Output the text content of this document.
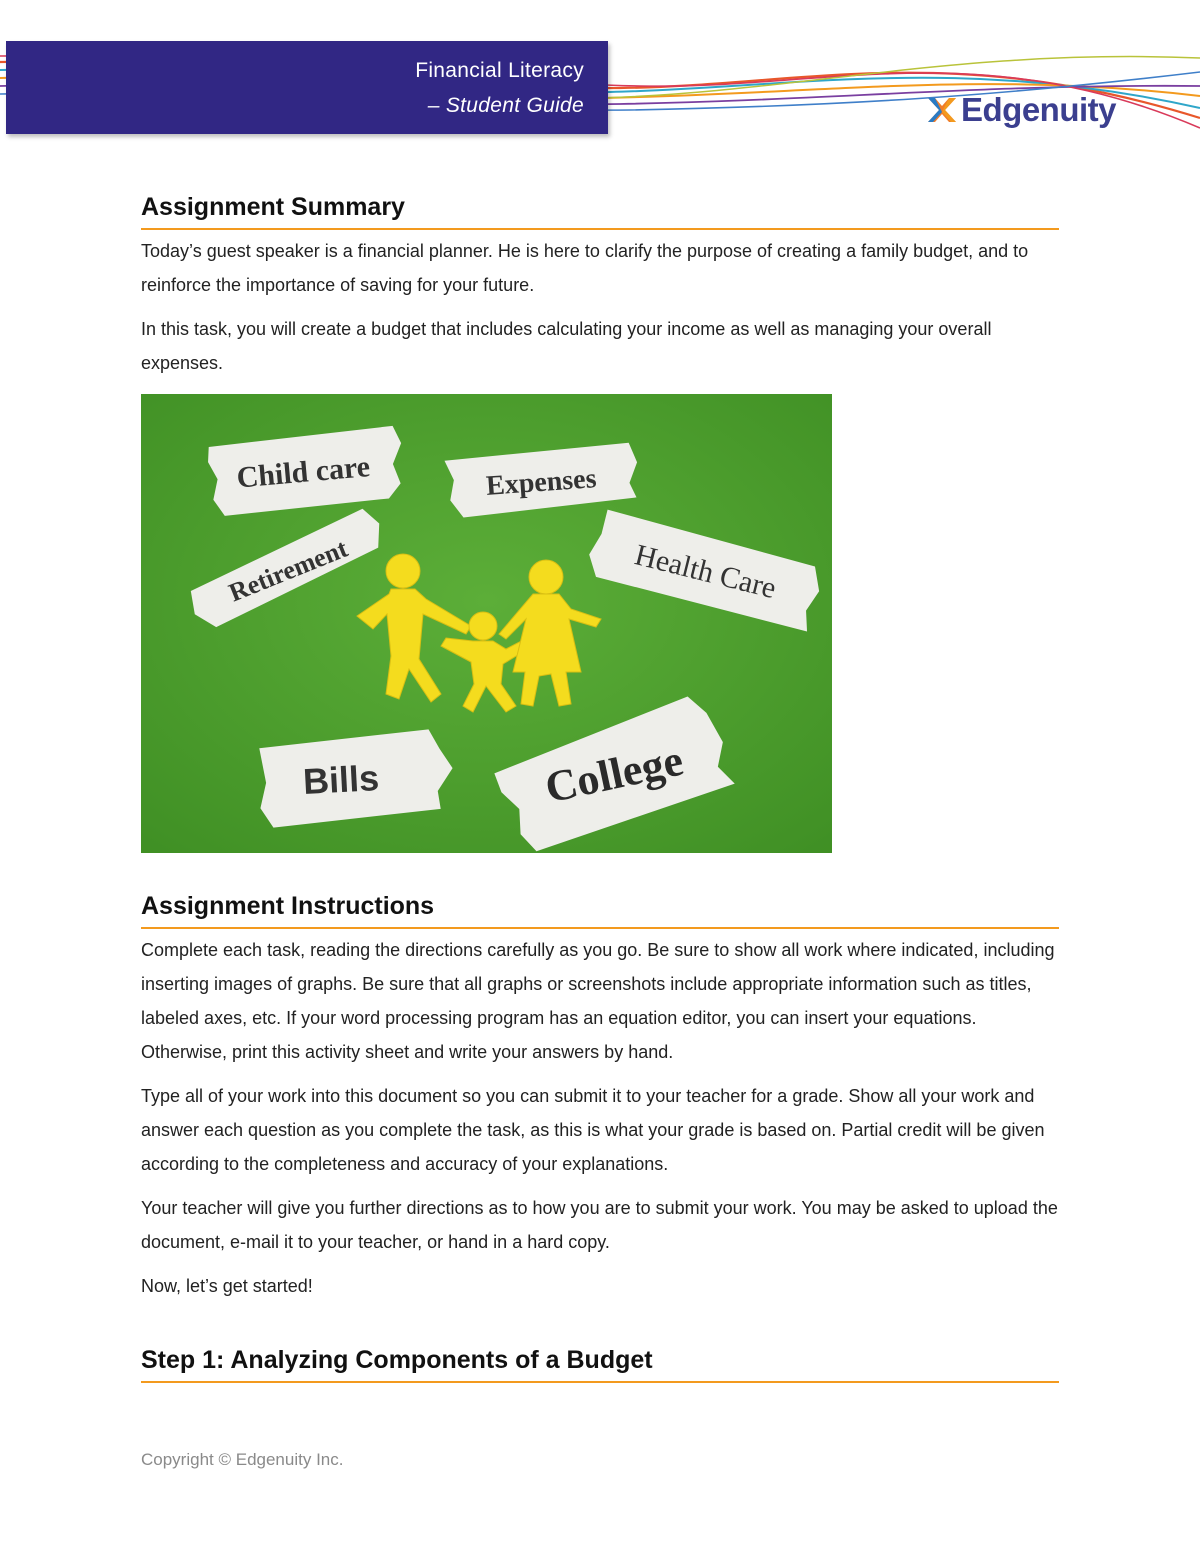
Financial Literacy
– Student Guide	Edgenuity
Assignment Summary

Today’s guest speaker is a financial planner. He is here to clarify the purpose of creating a family budget, and to reinforce the importance of saving for your future.

In this task, you will create a budget that includes calculating your income as well as managing your overall expenses.

Child care	Expenses
Retirement	Health Care
Bills	College
Assignment Instructions

Complete each task, reading the directions carefully as you go. Be sure to show all work where indicated, including inserting images of graphs. Be sure that all graphs or screenshots include appropriate information such as titles, labeled axes, etc. If your word processing program has an equation editor, you can insert your equations. Otherwise, print this activity sheet and write your answers by hand.

Type all of your work into this document so you can submit it to your teacher for a grade. Show all your work and answer each question as you complete the task, as this is what your grade is based on. Partial credit will be given according to the completeness and accuracy of your explanations.

Your teacher will give you further directions as to how you are to submit your work. You may be asked to upload the document, e-mail it to your teacher, or hand in a hard copy.

Now, let’s get started!

Step 1: Analyzing Components of a Budget
Copyright © Edgenuity Inc.
